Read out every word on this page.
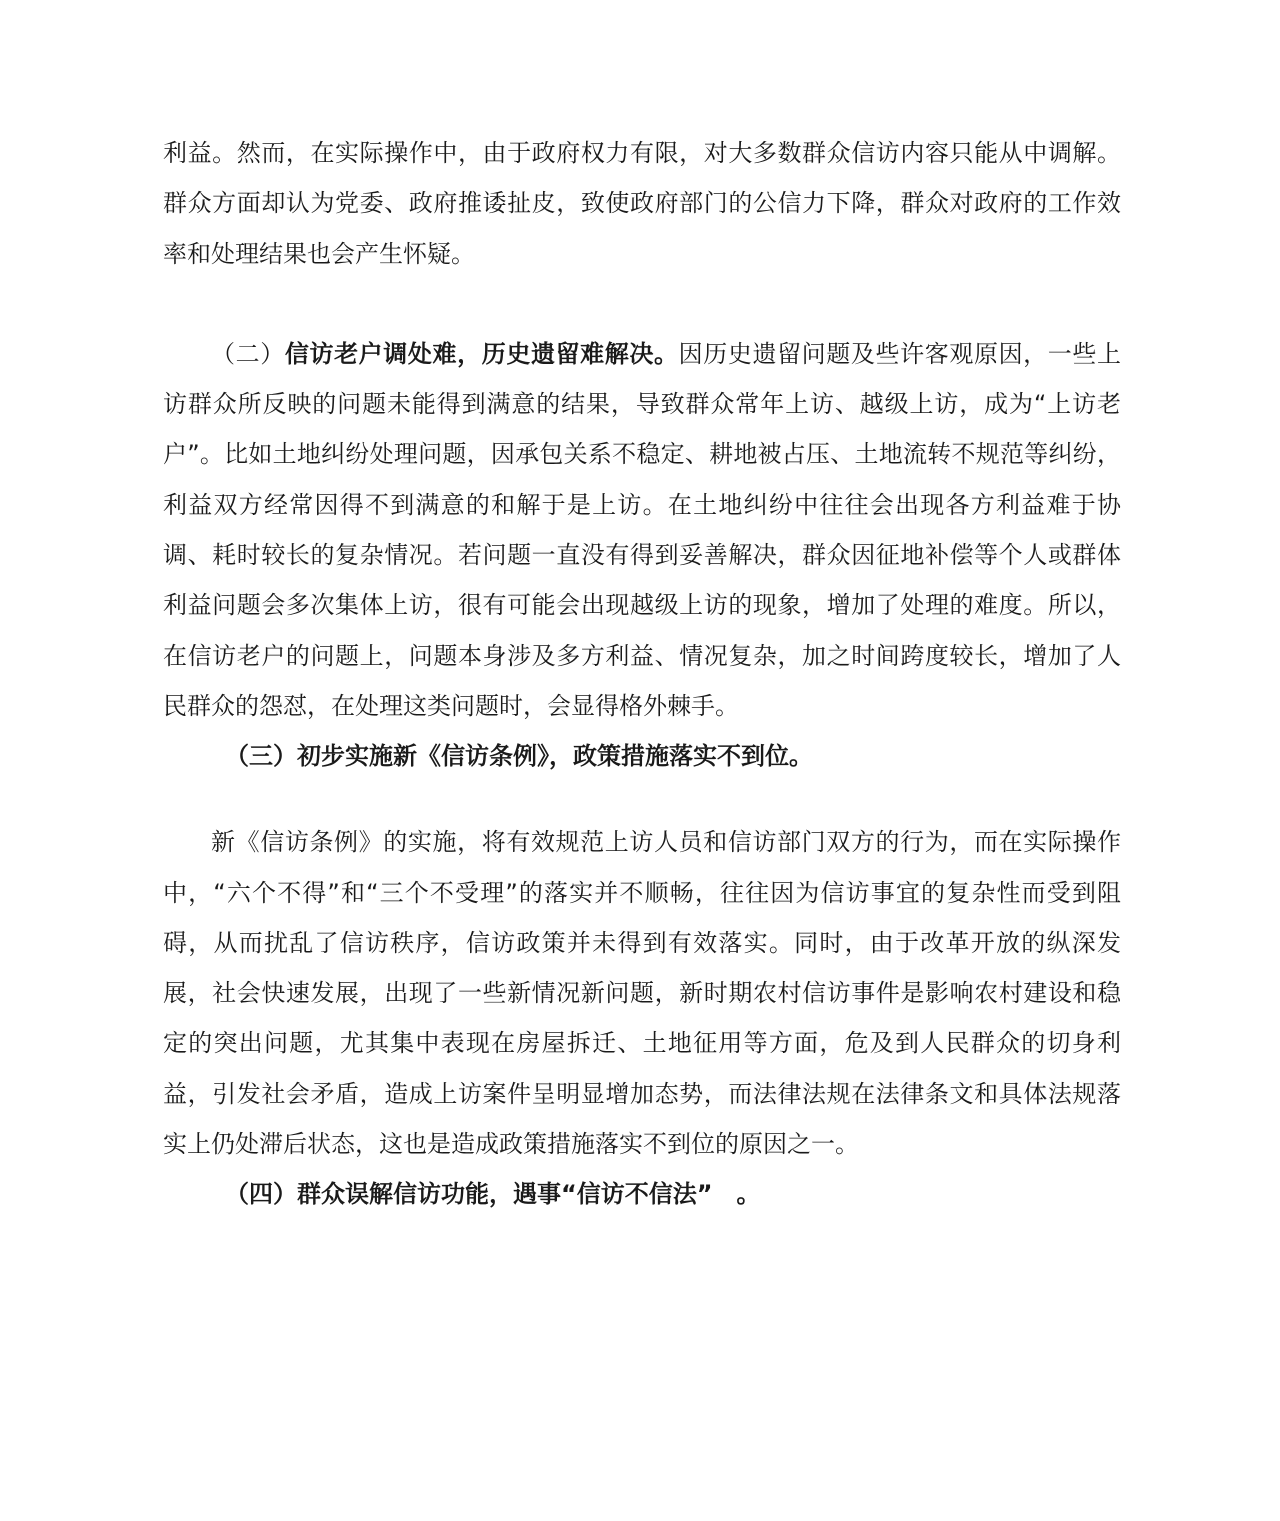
利益。然而，在实际操作中，由于政府权力有限，对大多数群众信访内容只能从中调解。群众方面却认为党委、政府推诿扯皮，致使政府部门的公信力下降，群众对政府的工作效率和处理结果也会产生怀疑。

（二）信访老户调处难，历史遗留难解决。因历史遗留问题及些许客观原因，一些上访群众所反映的问题未能得到满意的结果，导致群众常年上访、越级上访，成为“上访老户”。比如土地纠纷处理问题，因承包关系不稳定、耕地被占压、土地流转不规范等纠纷，利益双方经常因得不到满意的和解于是上访。在土地纠纷中往往会出现各方利益难于协调、耗时较长的复杂情况。若问题一直没有得到妥善解决，群众因征地补偿等个人或群体利益问题会多次集体上访，很有可能会出现越级上访的现象，增加了处理的难度。所以，在信访老户的问题上，问题本身涉及多方利益、情况复杂，加之时间跨度较长，增加了人民群众的怨怼，在处理这类问题时，会显得格外棘手。

（三）初步实施新《信访条例》，政策措施落实不到位。

新《信访条例》的实施，将有效规范上访人员和信访部门双方的行为，而在实际操作中，“六个不得”和“三个不受理”的落实并不顺畅，往往因为信访事宜的复杂性而受到阻碍，从而扰乱了信访秩序，信访政策并未得到有效落实。同时，由于改革开放的纵深发展，社会快速发展，出现了一些新情况新问题，新时期农村信访事件是影响农村建设和稳定的突出问题，尤其集中表现在房屋拆迁、土地征用等方面，危及到人民群众的切身利益，引发社会矛盾，造成上访案件呈明显增加态势，而法律法规在法律条文和具体法规落实上仍处滞后状态，这也是造成政策措施落实不到位的原因之一。

（四）群众误解信访功能，遇事“信访不信法”　。
